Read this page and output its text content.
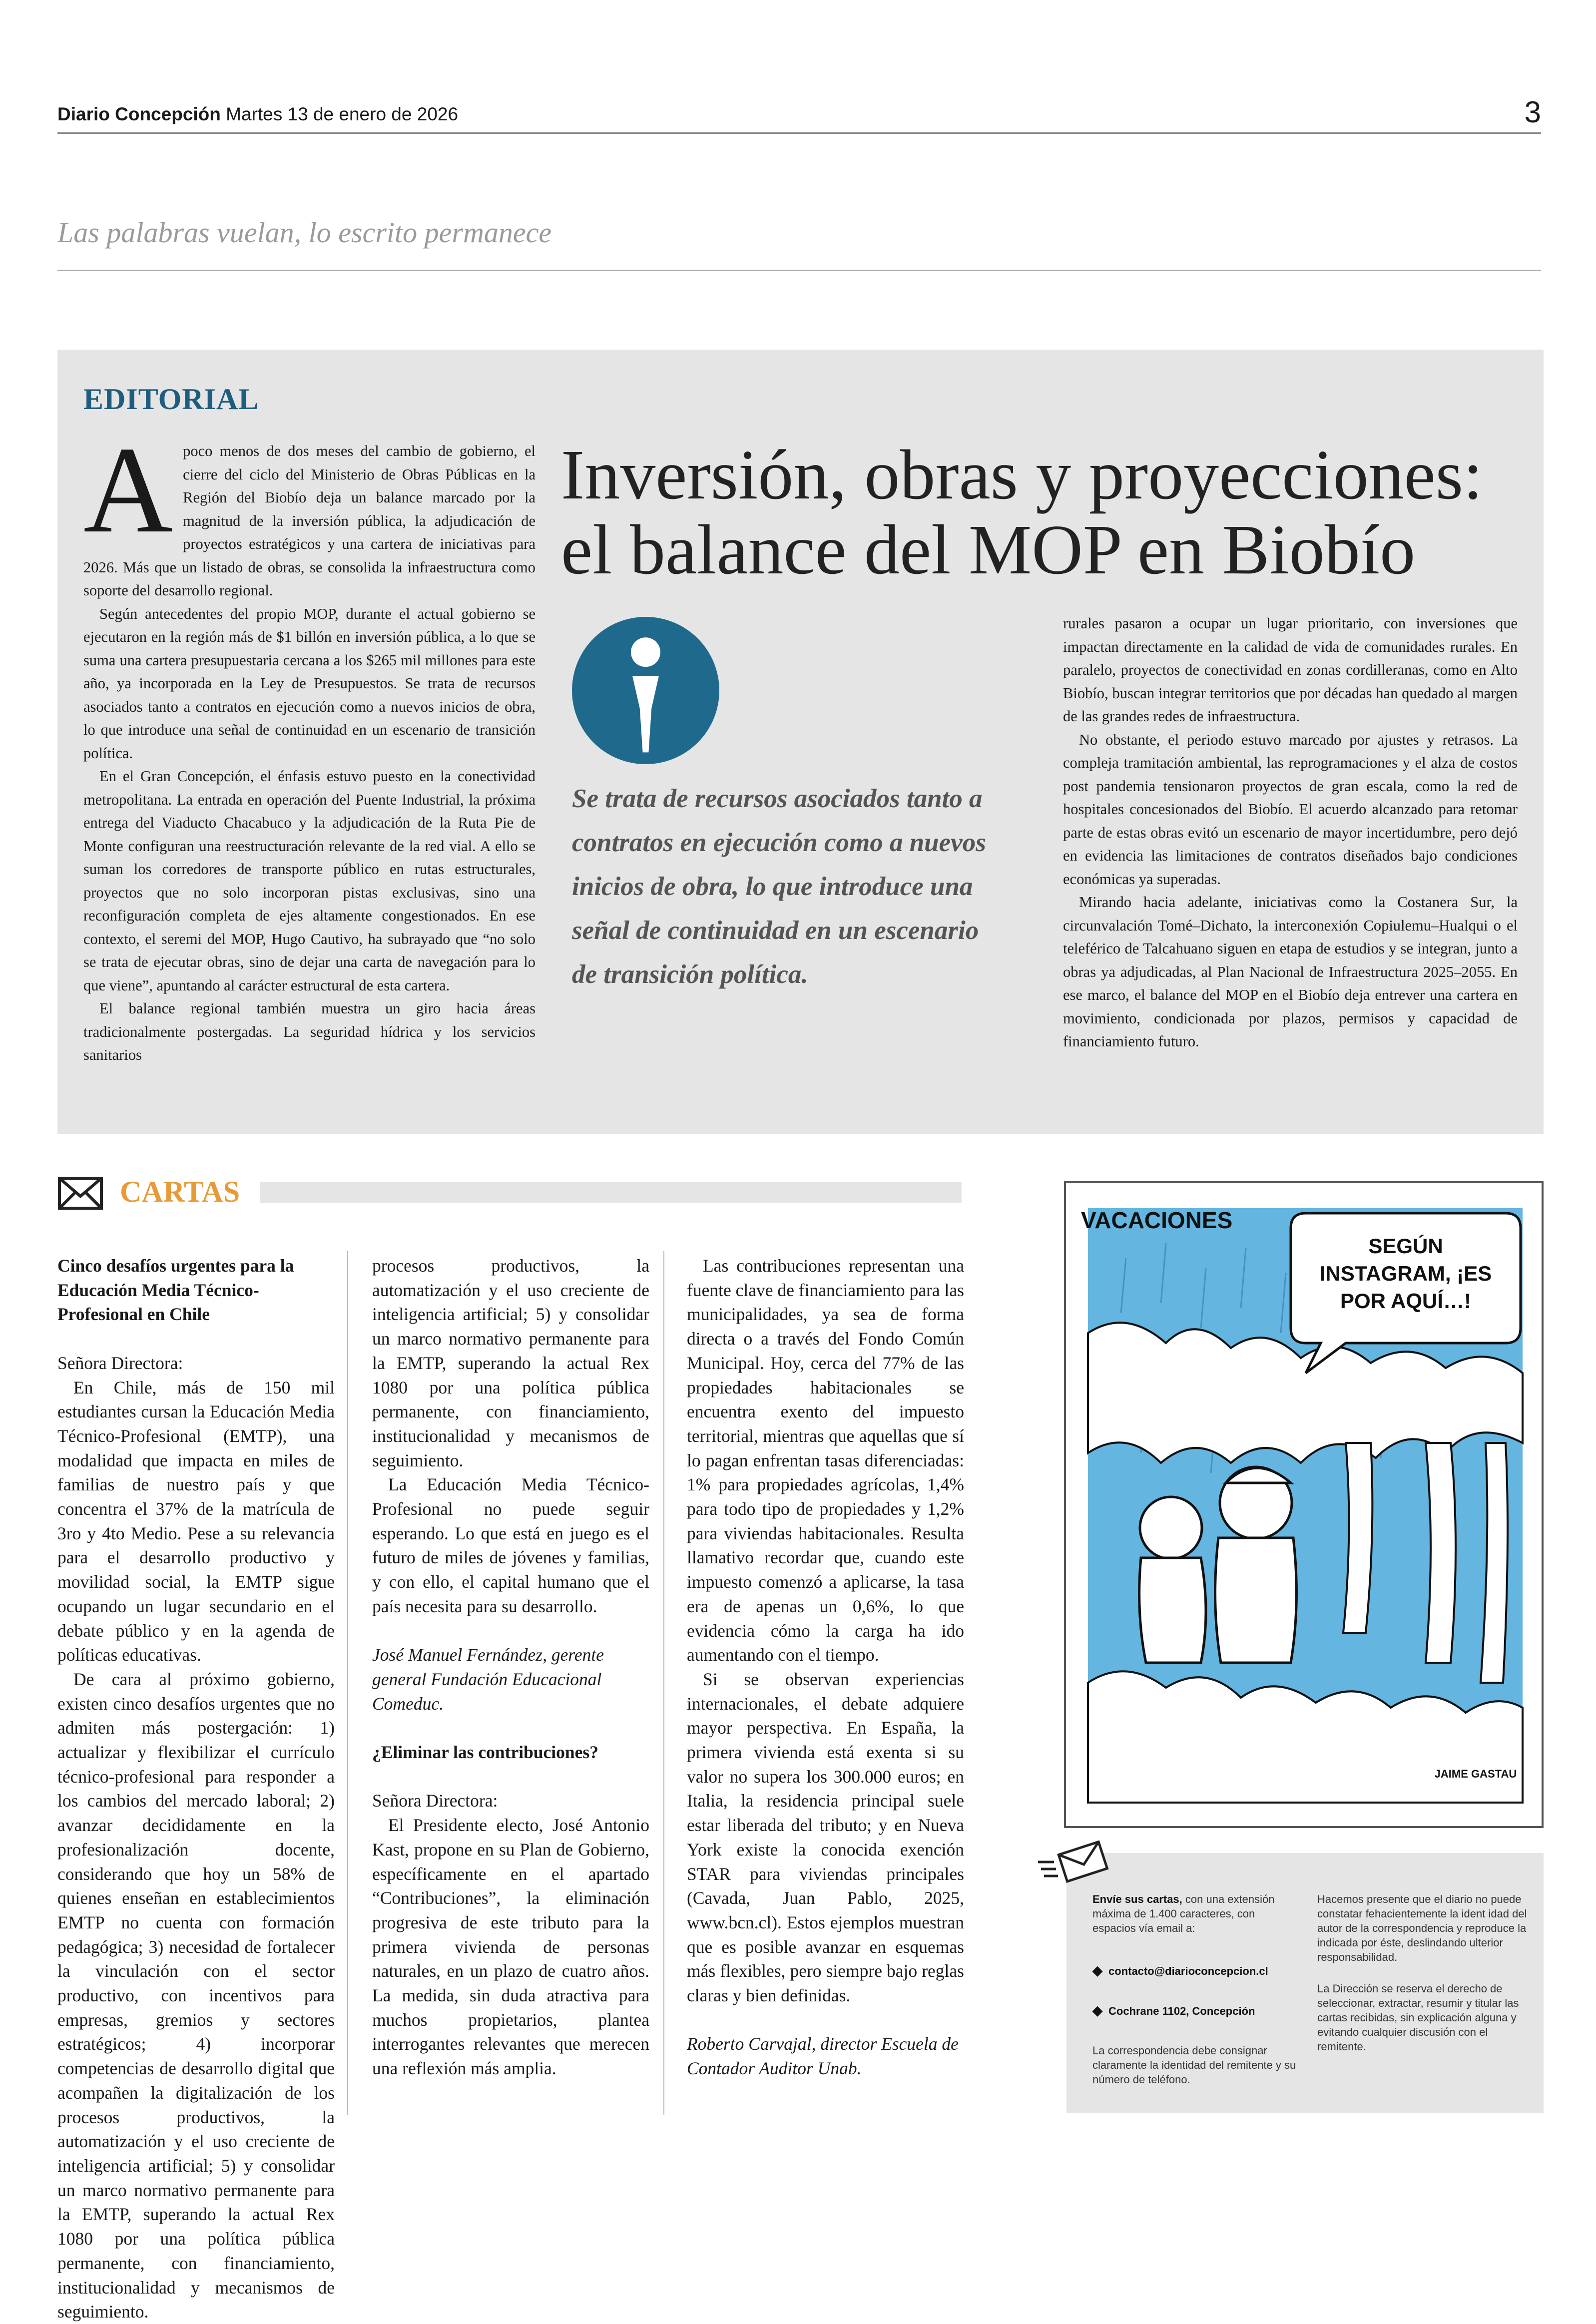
Diario Concepción Martes 13 de enero de 2026	3
Las palabras vuelan, lo escrito permanece
EDITORIAL

Apoco menos de dos meses del cambio de gobierno, el cierre del ciclo del Ministerio de Obras Públicas en la Región del Biobío deja un balance marcado por la magnitud de la inversión pública, la adjudicación de proyectos estratégicos y una cartera de iniciativas para 2026. Más que un listado de obras, se consolida la infraestructura como soporte del desarrollo regional.

Según antecedentes del propio MOP, durante el actual gobierno se ejecutaron en la región más de $1 billón en inversión pública, a lo que se suma una cartera presupuestaria cercana a los $265 mil millones para este año, ya incorporada en la Ley de Presupuestos. Se trata de recursos asociados tanto a contratos en ejecución como a nuevos inicios de obra, lo que introduce una señal de continuidad en un escenario de transición política.

En el Gran Concepción, el énfasis estuvo puesto en la conectividad metropolitana. La entrada en operación del Puente Industrial, la próxima entrega del Viaducto Chacabuco y la adjudicación de la Ruta Pie de Monte configuran una reestructuración relevante de la red vial. A ello se suman los corredores de transporte público en rutas estructurales, proyectos que no solo incorporan pistas exclusivas, sino una reconfiguración completa de ejes altamente congestionados. En ese contexto, el seremi del MOP, Hugo Cautivo, ha subrayado que “no solo se trata de ejecutar obras, sino de dejar una carta de navegación para lo que viene”, apuntando al carácter estructural de esta cartera.

El balance regional también muestra un giro hacia áreas tradicionalmente postergadas. La seguridad hídrica y los servicios sanitarios

Inversión, obras y proyecciones:
el balance del MOP en Biobío
Se trata de recursos asociados tanto a contratos en ejecución como a nuevos inicios de obra, lo que introduce una señal de continuidad en un escenario de transición política.

rurales pasaron a ocupar un lugar prioritario, con inversiones que impactan directamente en la calidad de vida de comunidades rurales. En paralelo, proyectos de conectividad en zonas cordilleranas, como en Alto Biobío, buscan integrar territorios que por décadas han quedado al margen de las grandes redes de infraestructura.

No obstante, el periodo estuvo marcado por ajustes y retrasos. La compleja tramitación ambiental, las reprogramaciones y el alza de costos post pandemia tensionaron proyectos de gran escala, como la red de hospitales concesionados del Biobío. El acuerdo alcanzado para retomar parte de estas obras evitó un escenario de mayor incertidumbre, pero dejó en evidencia las limitaciones de contratos diseñados bajo condiciones económicas ya superadas.

Mirando hacia adelante, iniciativas como la Costanera Sur, la circunvalación Tomé–Dichato, la interconexión Copiulemu–Hualqui o el teleférico de Talcahuano siguen en etapa de estudios y se integran, junto a obras ya adjudicadas, al Plan Nacional de Infraestructura 2025–2055. En ese marco, el balance del MOP en el Biobío deja entrever una cartera en movimiento, condicionada por plazos, permisos y capacidad de financiamiento futuro.

CARTAS
Cinco desafíos urgentes para la Educación Media Técnico-Profesional en Chile

Señora Directora:

En Chile, más de 150 mil estudiantes cursan la Educación Media Técnico-Profesional (EMTP), una modalidad que impacta en miles de familias de nuestro país y que concentra el 37% de la matrícula de 3ro y 4to Medio. Pese a su relevancia para el desarrollo productivo y movilidad social, la EMTP sigue ocupando un lugar secundario en el debate público y en la agenda de políticas educativas.

De cara al próximo gobierno, existen cinco desafíos urgentes que no admiten más postergación: 1) actualizar y flexibilizar el currículo técnico-profesional para responder a los cambios del mercado laboral; 2) avanzar decididamente en la profesionalización docente, considerando que hoy un 58% de quienes enseñan en establecimientos EMTP no cuenta con formación pedagógica; 3) necesidad de fortalecer la vinculación con el sector productivo, con incentivos para empresas, gremios y sectores estratégicos; 4) incorporar competencias de desarrollo digital que acompañen la digitalización de los procesos productivos, la automatización y el uso creciente de inteligencia artificial; 5) y consolidar un marco normativo permanente para la EMTP, superando la actual Rex 1080 por una política pública permanente, con financiamiento, institucionalidad y mecanismos de seguimiento.

procesos productivos, la automatización y el uso creciente de inteligencia artificial; 5) y consolidar un marco normativo permanente para la EMTP, superando la actual Rex 1080 por una política pública permanente, con financiamiento, institucionalidad y mecanismos de seguimiento.

La Educación Media Técnico-Profesional no puede seguir esperando. Lo que está en juego es el futuro de miles de jóvenes y familias, y con ello, el capital humano que el país necesita para su desarrollo.

José Manuel Fernández, gerente general Fundación Educacional Comeduc.

¿Eliminar las contribuciones?

Señora Directora:

El Presidente electo, José Antonio Kast, propone en su Plan de Gobierno, específicamente en el apartado “Contribuciones”, la eliminación progresiva de este tributo para la primera vivienda de personas naturales, en un plazo de cuatro años. La medida, sin duda atractiva para muchos propietarios, plantea interrogantes relevantes que merecen una reflexión más amplia.

Las contribuciones representan una fuente clave de financiamiento para las municipalidades, ya sea de forma directa o a través del Fondo Común Municipal. Hoy, cerca del 77% de las propiedades habitacionales se encuentra exento del impuesto territorial, mientras que aquellas que sí lo pagan enfrentan tasas diferenciadas: 1% para propiedades agrícolas, 1,4% para todo tipo de propiedades y 1,2% para viviendas habitacionales. Resulta llamativo recordar que, cuando este impuesto comenzó a aplicarse, la tasa era de apenas un 0,6%, lo que evidencia cómo la carga ha ido aumentando con el tiempo.

Si se observan experiencias internacionales, el debate adquiere mayor perspectiva. En España, la primera vivienda está exenta si su valor no supera los 300.000 euros; en Italia, la residencia principal suele estar liberada del tributo; y en Nueva York existe la conocida exención STAR para viviendas principales (Cavada, Juan Pablo, 2025, www.bcn.cl). Estos ejemplos muestran que es posible avanzar en esquemas más flexibles, pero siempre bajo reglas claras y bien definidas.

Roberto Carvajal, director Escuela de Contador Auditor Unab.

VACACIONES
SEGÚN
INSTAGRAM, ¡ES
POR AQUÍ…!
JAIME GASTAU

Envíe sus cartas, con una extensión máxima de 1.400 caracteres, con espacios vía email a:

◆ contacto@diarioconcepcion.cl

◆ Cochrane 1102, Concepción

La correspondencia debe consignar claramente la identidad del remitente y su número de teléfono.

Hacemos presente que el diario no puede constatar fehacientemente la ident idad del autor de la correspondencia y reproduce la indicada por éste, deslindando ulterior responsabilidad.

La Dirección se reserva el derecho de seleccionar, extractar, resumir y titular las cartas recibidas, sin explicación alguna y evitando cualquier discusión con el remitente.
